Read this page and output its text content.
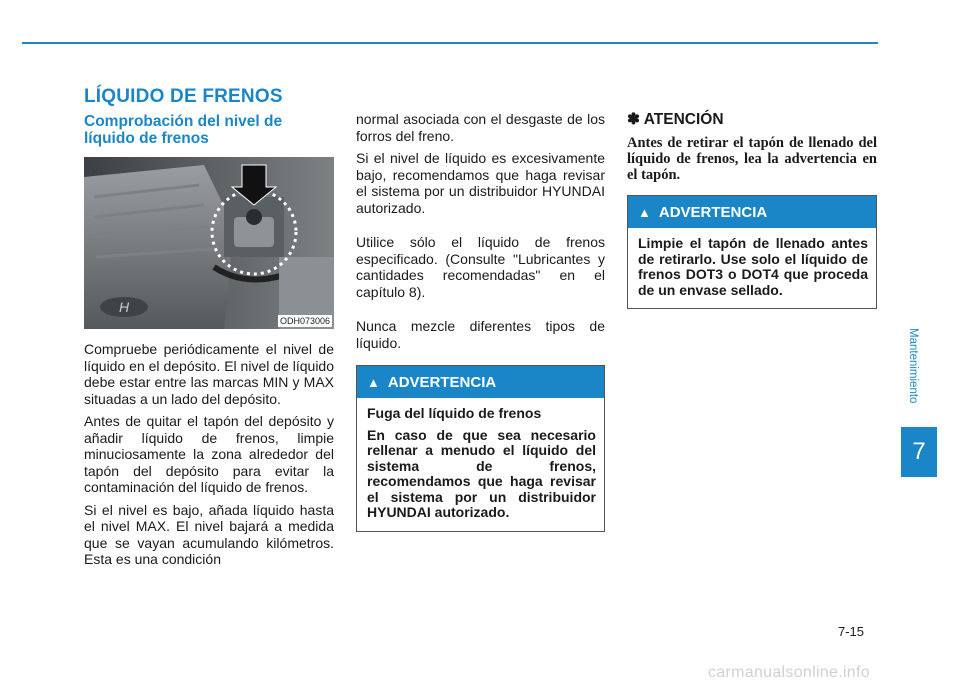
LÍQUIDO DE FRENOS
Comprobación del nivel de líquido de frenos
H
ODH073006

Compruebe periódicamente el nivel de líquido en el depósito. El nivel de líquido debe estar entre las marcas MIN y MAX situadas a un lado del depósito.

Antes de quitar el tapón del depósito y añadir líquido de frenos, limpie minuciosamente la zona alrededor del tapón del depósito para evitar la contaminación del líquido de frenos.

Si el nivel es bajo, añada líquido hasta el nivel MAX. El nivel bajará a medida que se vayan acumulando kilómetros. Esta es una condición

normal asociada con el desgaste de los forros del freno.

Si el nivel de líquido es excesivamente bajo, recomendamos que haga revisar el sistema por un distribuidor HYUNDAI autorizado.

Utilice sólo el líquido de frenos especificado. (Consulte "Lubricantes y cantidades recomendadas" en el capítulo 8).

Nunca mezcle diferentes tipos de líquido.

▲ ADVERTENCIA

Fuga del líquido de frenos

En caso de que sea necesario rellenar a menudo el líquido del sistema de frenos, recomendamos que haga revisar el sistema por un distribuidor HYUNDAI autorizado.

✽ ATENCIÓN

Antes de retirar el tapón de llenado del líquido de frenos, lea la advertencia en el tapón.

▲ ADVERTENCIA

Limpie el tapón de llenado antes de retirarlo. Use solo el líquido de frenos DOT3 o DOT4 que proceda de un envase sellado.

Mantenimiento
7
7-15
carmanualsonline.info
